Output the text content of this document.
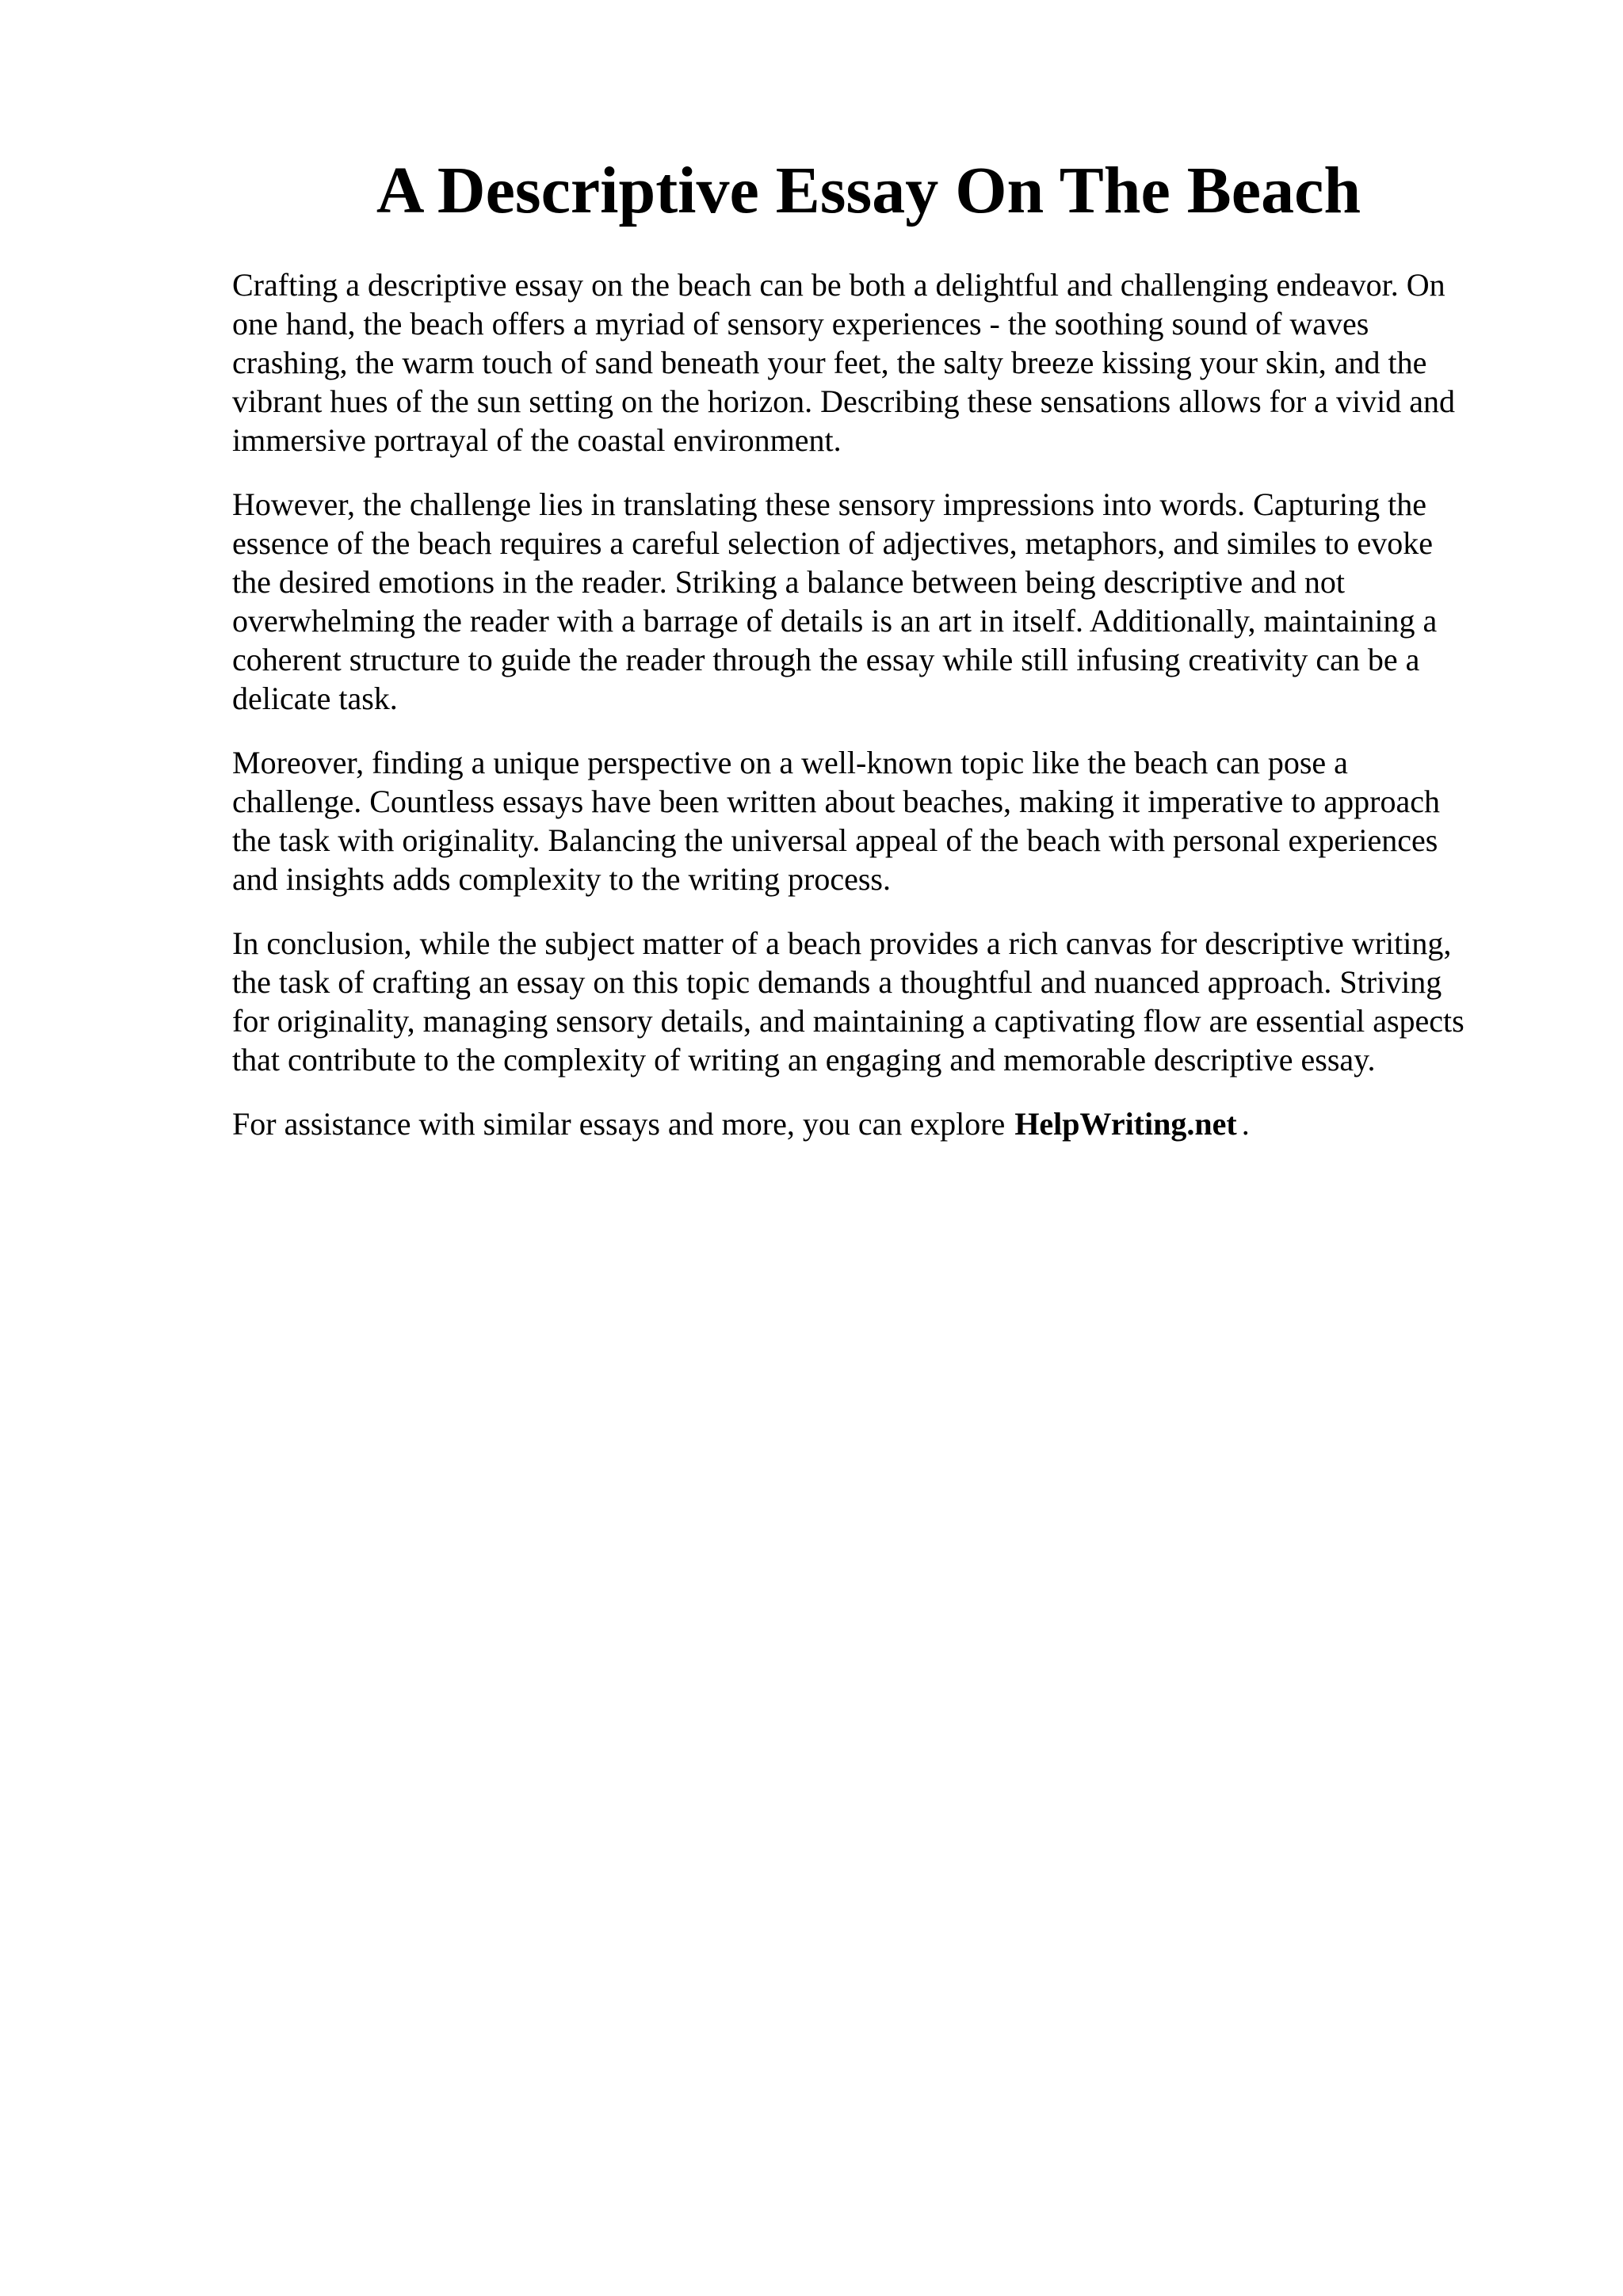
A Descriptive Essay On The Beach

Crafting a descriptive essay on the beach can be both a delightful and challenging endeavor. On
one hand, the beach offers a myriad of sensory experiences - the soothing sound of waves
crashing, the warm touch of sand beneath your feet, the salty breeze kissing your skin, and the
vibrant hues of the sun setting on the horizon. Describing these sensations allows for a vivid and
immersive portrayal of the coastal environment.

However, the challenge lies in translating these sensory impressions into words. Capturing the
essence of the beach requires a careful selection of adjectives, metaphors, and similes to evoke
the desired emotions in the reader. Striking a balance between being descriptive and not
overwhelming the reader with a barrage of details is an art in itself. Additionally, maintaining a
coherent structure to guide the reader through the essay while still infusing creativity can be a
delicate task.

Moreover, finding a unique perspective on a well-known topic like the beach can pose a
challenge. Countless essays have been written about beaches, making it imperative to approach
the task with originality. Balancing the universal appeal of the beach with personal experiences
and insights adds complexity to the writing process.

In conclusion, while the subject matter of a beach provides a rich canvas for descriptive writing,
the task of crafting an essay on this topic demands a thoughtful and nuanced approach. Striving
for originality, managing sensory details, and maintaining a captivating flow are essential aspects
that contribute to the complexity of writing an engaging and memorable descriptive essay.

For assistance with similar essays and more, you can explore HelpWriting.net .
